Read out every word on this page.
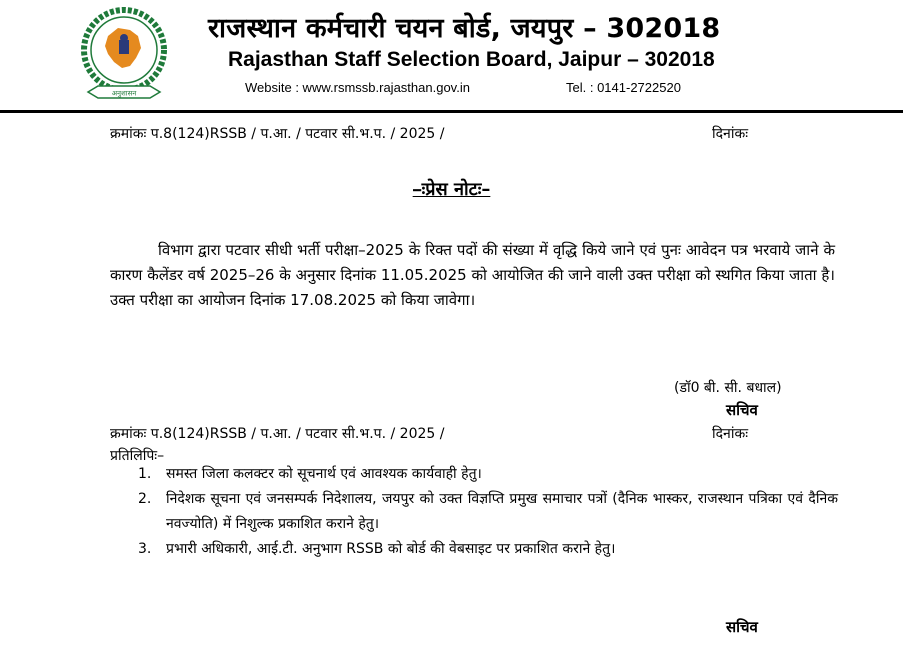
अनुशासन
राजस्थान कर्मचारी चयन बोर्ड, जयपुर – 302018
Rajasthan Staff Selection Board, Jaipur – 302018
Website : www.rsmssb.rajasthan.gov.in	Tel. : 0141-2722520
क्रमांकः प.8(124)RSSB / प.आ. / पटवार सी.भ.प. / 2025 /	दिनांकः
–ःप्रेस नोटः–
विभाग द्वारा पटवार सीधी भर्ती परीक्षा–2025 के रिक्त पदों की संख्या में वृद्धि किये जाने एवं पुनः आवेदन पत्र भरवाये जाने के कारण कैलेंडर वर्ष 2025–26 के अनुसार दिनांक 11.05.2025 को आयोजित की जाने वाली उक्त परीक्षा को स्थगित किया जाता है। उक्त परीक्षा का आयोजन दिनांक 17.08.2025 को किया जावेगा।
(डॉ0 बी. सी. बधाल)
सचिव
क्रमांकः प.8(124)RSSB / प.आ. / पटवार सी.भ.प. / 2025 /	दिनांकः
प्रतिलिपिः–
1. समस्त जिला कलक्टर को सूचनार्थ एवं आवश्यक कार्यवाही हेतु।
2. निदेशक सूचना एवं जनसम्पर्क निदेशालय, जयपुर को उक्त विज्ञप्ति प्रमुख समाचार पत्रों (दैनिक भास्कर, राजस्थान पत्रिका एवं दैनिक नवज्योति) में निशुल्क प्रकाशित कराने हेतु।
3. प्रभारी अधिकारी, आई.टी. अनुभाग RSSB को बोर्ड की वेबसाइट पर प्रकाशित कराने हेतु।
सचिव
